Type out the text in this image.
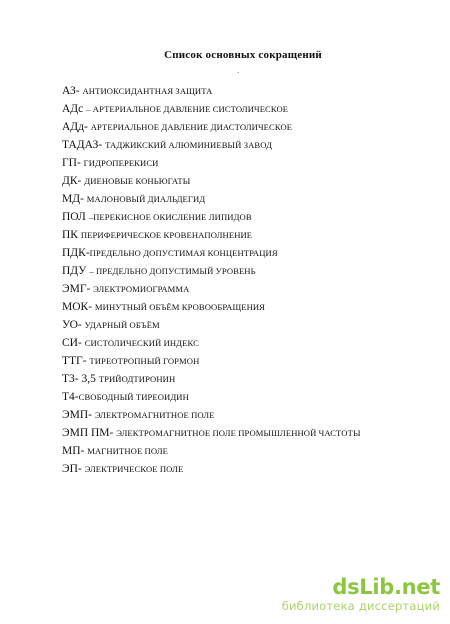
Список основных сокращений
·
АЗ- АНТИОКСИДАНТНАЯ ЗАЩИТА
АДс – АРТЕРИАЛЬНОЕ ДАВЛЕНИЕ СИСТОЛИЧЕСКОЕ
АДд- АРТЕРИАЛЬНОЕ ДАВЛЕНИЕ ДИАСТОЛИЧЕСКОЕ
ТАДАЗ- ТАДЖИКСКИЙ АЛЮМИНИЕВЫЙ ЗАВОД
ГП- ГИДРОПЕРЕКИСИ
ДК- ДИЕНОВЫЕ КОНЬЮГАТЫ
МД- МАЛОНОВЫЙ ДИАЛЬДЕГИД
ПОЛ –ПЕРЕКИСНОЕ ОКИСЛЕНИЕ ЛИПИДОВ
ПК ПЕРИФЕРИЧЕСКОЕ КРОВЕНАПОЛНЕНИЕ
ПДК-ПРЕДЕЛЬНО ДОПУСТИМАЯ КОНЦЕНТРАЦИЯ
ПДУ – ПРЕДЕЛЬНО ДОПУСТИМЫЙ УРОВЕНЬ
ЭМГ- ЭЛЕКТРОМИОГРАММА
МОК- МИНУТНЫЙ ОБЪЁМ КРОВООБРАЩЕНИЯ
УО- УДАРНЫЙ ОБЪЁМ
СИ- СИСТОЛИЧЕСКИЙ ИНДЕКС
ТТГ- ТИРЕОТРОПНЫЙ ГОРМОН
Т3- 3,5 ТРИЙОДТИРОНИН
Т4-СВОБОДНЫЙ ТИРЕОИДИН
ЭМП- ЭЛЕКТРОМАГНИТНОЕ ПОЛЕ
ЭМП ПМ- ЭЛЕКТРОМАГНИТНОЕ ПОЛЕ ПРОМЫШЛЕННОЙ ЧАСТОТЫ
МП- МАГНИТНОЕ ПОЛЕ
ЭП- ЭЛЕКТРИЧЕСКОЕ ПОЛЕ
dsLib.net
библиотека диссертаций
